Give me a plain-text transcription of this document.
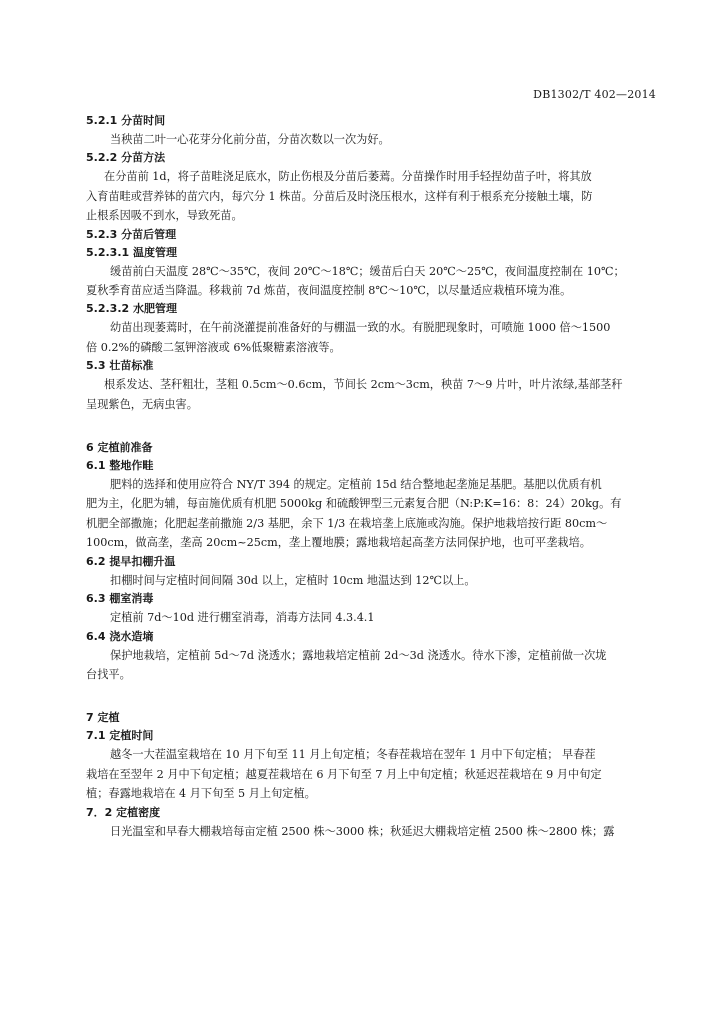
DB1302/T 402—2014

5.2.1 分苗时间

当秧苗二叶一心花芽分化前分苗，分苗次数以一次为好。

5.2.2 分苗方法

在分苗前 1d，将子苗畦浇足底水，防止伤根及分苗后萎蔫。分苗操作时用手轻捏幼苗子叶，将其放

入育苗畦或营养钵的苗穴内，每穴分 1 株苗。分苗后及时浇压根水，这样有利于根系充分接触土壤，防

止根系因吸不到水，导致死苗。

5.2.3 分苗后管理

5.2.3.1 温度管理

缓苗前白天温度 28℃～35℃，夜间 20℃～18℃；缓苗后白天 20℃～25℃，夜间温度控制在 10℃；

夏秋季育苗应适当降温。移栽前 7d 炼苗，夜间温度控制 8℃～10℃，以尽量适应栽植环境为准。

5.2.3.2 水肥管理

幼苗出现萎蔫时，在午前浇灌提前准备好的与棚温一致的水。有脱肥现象时，可喷施 1000 倍～1500

倍 0.2%的磷酸二氢钾溶液或 6%低聚糖素溶液等。

5.3 壮苗标准

根系发达、茎秆粗壮，茎粗 0.5cm～0.6cm，节间长 2cm～3cm，秧苗 7～9 片叶，叶片浓绿,基部茎秆

呈现紫色，无病虫害。

6 定植前准备

6.1 整地作畦

肥料的选择和使用应符合 NY/T 394 的规定。定植前 15d 结合整地起垄施足基肥。基肥以优质有机

肥为主，化肥为辅，每亩施优质有机肥 5000kg 和硫酸钾型三元素复合肥（N:P:K=16：8：24）20kg。有

机肥全部撒施；化肥起垄前撒施 2/3 基肥，余下 1/3 在栽培垄上底施或沟施。保护地栽培按行距 80cm～

100cm，做高垄，垄高 20cm~25cm，垄上覆地膜；露地栽培起高垄方法同保护地，也可平垄栽培。

6.2 提早扣棚升温

扣棚时间与定植时间间隔 30d 以上，定植时 10cm 地温达到 12℃以上。

6.3 棚室消毒

定植前 7d～10d 进行棚室消毒，消毒方法同 4.3.4.1

6.4 浇水造墒

保护地栽培，定植前 5d～7d 浇透水；露地栽培定植前 2d～3d 浇透水。待水下渗，定植前做一次垅

台找平。

7 定植

7.1 定植时间

越冬一大茬温室栽培在 10 月下旬至 11 月上旬定植；冬春茬栽培在翌年 1 月中下旬定植； 早春茬

栽培在至翌年 2 月中下旬定植；越夏茬栽培在 6 月下旬至 7 月上中旬定植；秋延迟茬栽培在 9 月中旬定

植；春露地栽培在 4 月下旬至 5 月上旬定植。

7．2 定植密度

日光温室和早春大棚栽培每亩定植 2500 株～3000 株；秋延迟大棚栽培定植 2500 株～2800 株；露
